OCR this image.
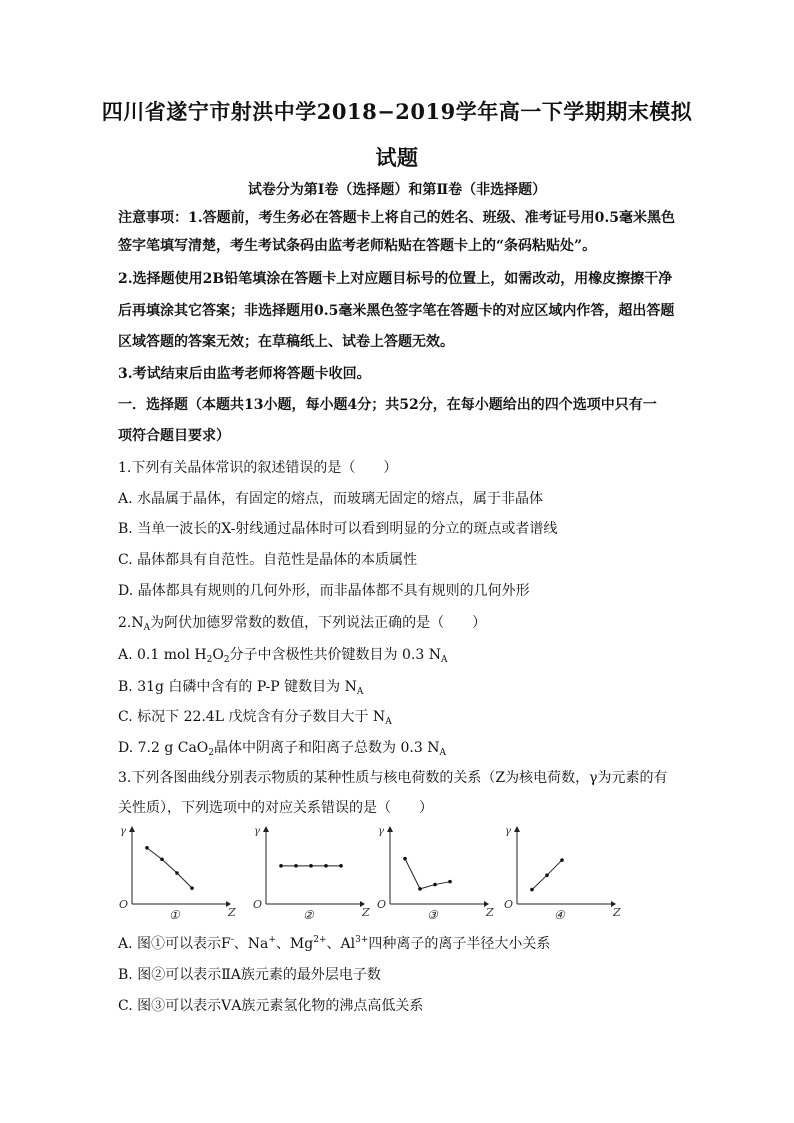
四川省遂宁市射洪中学2018−2019学年高一下学期期末模拟
试题
试卷分为第Ⅰ卷（选择题）和第Ⅱ卷（非选择题）
注意事项：1.答题前，考生务必在答题卡上将自己的姓名、班级、准考证号用0.5毫米黑色
签字笔填写清楚，考生考试条码由监考老师粘贴在答题卡上的“条码粘贴处”。
2.选择题使用2B铅笔填涂在答题卡上对应题目标号的位置上，如需改动，用橡皮擦擦干净
后再填涂其它答案；非选择题用0.5毫米黑色签字笔在答题卡的对应区域内作答，超出答题
区域答题的答案无效；在草稿纸上、试卷上答题无效。
3.考试结束后由监考老师将答题卡收回。
一．选择题（本题共13小题，每小题4分；共52分，在每小题给出的四个选项中只有一
项符合题目要求）
1.下列有关晶体常识的叙述错误的是（　　）
A. 水晶属于晶体，有固定的熔点，而玻璃无固定的熔点，属于非晶体
B. 当单一波长的X-射线通过晶体时可以看到明显的分立的斑点或者谱线
C. 晶体都具有自范性。自范性是晶体的本质属性
D. 晶体都具有规则的几何外形，而非晶体都不具有规则的几何外形
$2.N_A$为阿伏加德罗常数的数值，下列说法正确的是（　　）
A. 0.1 mol $H_2O_2$分子中含极性共价键数目为 0.3 $N_A$
B. 31g 白磷中含有的 P-P 键数目为 $N_A$
C. 标况下 22.4L 戊烷含有分子数目大于 $N_A$
D. 7.2 g CaO$_2$晶体中阴离子和阳离子总数为 0.3 $N_A$
3.下列各图曲线分别表示物质的某种性质与核电荷数的关系（Z为核电荷数，γ为元素的有
关性质），下列选项中的对应关系错误的是（　　）
γ
O
Z
①
γ
O
Z
②
γ
O
Z
③
γ
O
Z
④
A. 图①可以表示F-、Na+、$Mg^{2+}$、$Al^{3+}$四种离子的离子半径大小关系
B. 图②可以表示ⅡA族元素的最外层电子数
C. 图③可以表示ⅤA族元素氢化物的沸点高低关系
